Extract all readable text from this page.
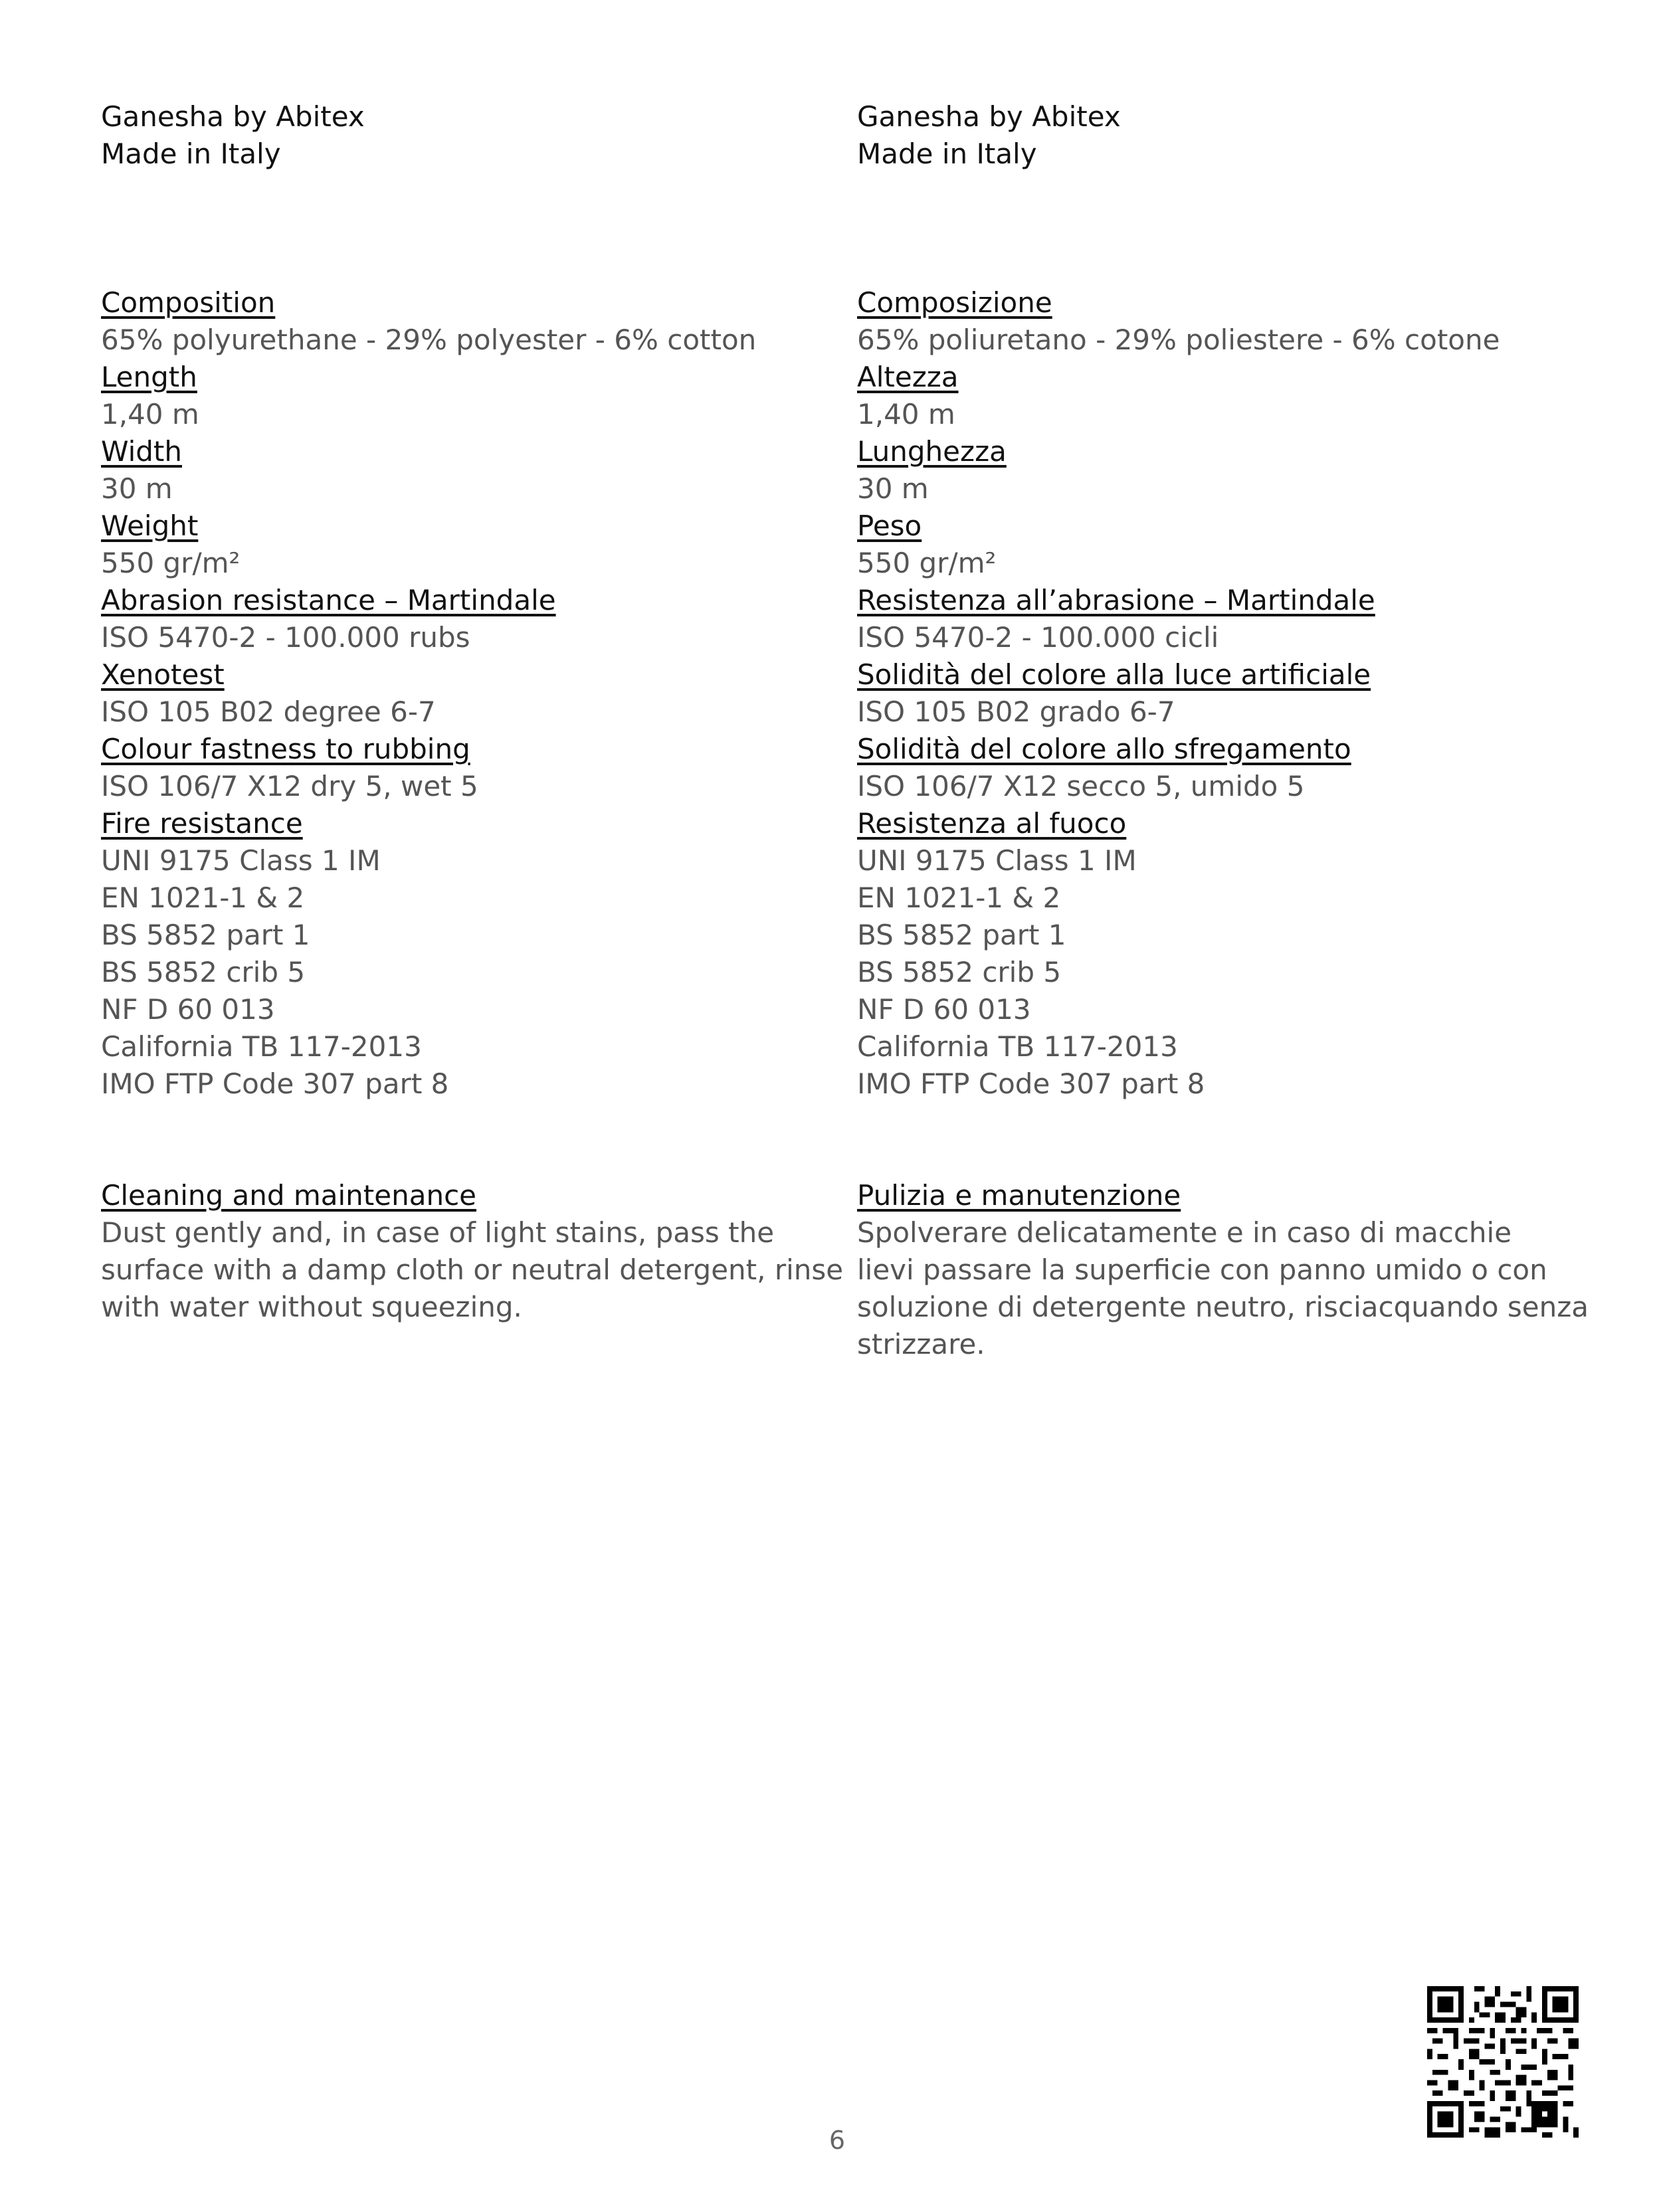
Ganesha by Abitex
Made in Italy
Composition
65% polyurethane - 29% polyester - 6% cotton
Length
1,40 m
Width
30 m
Weight
550 gr/m²
Abrasion resistance – Martindale
ISO 5470-2 - 100.000 rubs
Xenotest
ISO 105 B02 degree 6-7
Colour fastness to rubbing
ISO 106/7 X12 dry 5, wet 5
Fire resistance
UNI 9175 Class 1 IM
EN 1021-1 & 2
BS 5852 part 1
BS 5852 crib 5
NF D 60 013
California TB 117-2013
IMO FTP Code 307 part 8
Cleaning and maintenance
Dust gently and, in case of light stains, pass the
surface with a damp cloth or neutral detergent, rinse
with water without squeezing.
Ganesha by Abitex
Made in Italy
Composizione
65% poliuretano - 29% poliestere - 6% cotone
Altezza
1,40 m
Lunghezza
30 m
Peso
550 gr/m²
Resistenza all’abrasione – Martindale
ISO 5470-2 - 100.000 cicli
Solidità del colore alla luce artificiale
ISO 105 B02 grado 6-7
Solidità del colore allo sfregamento
ISO 106/7 X12 secco 5, umido 5
Resistenza al fuoco
UNI 9175 Class 1 IM
EN 1021-1 & 2
BS 5852 part 1
BS 5852 crib 5
NF D 60 013
California TB 117-2013
IMO FTP Code 307 part 8
Pulizia e manutenzione
Spolverare delicatamente e in caso di macchie
lievi passare la superficie con panno umido o con
soluzione di detergente neutro, risciacquando senza
strizzare.
6
